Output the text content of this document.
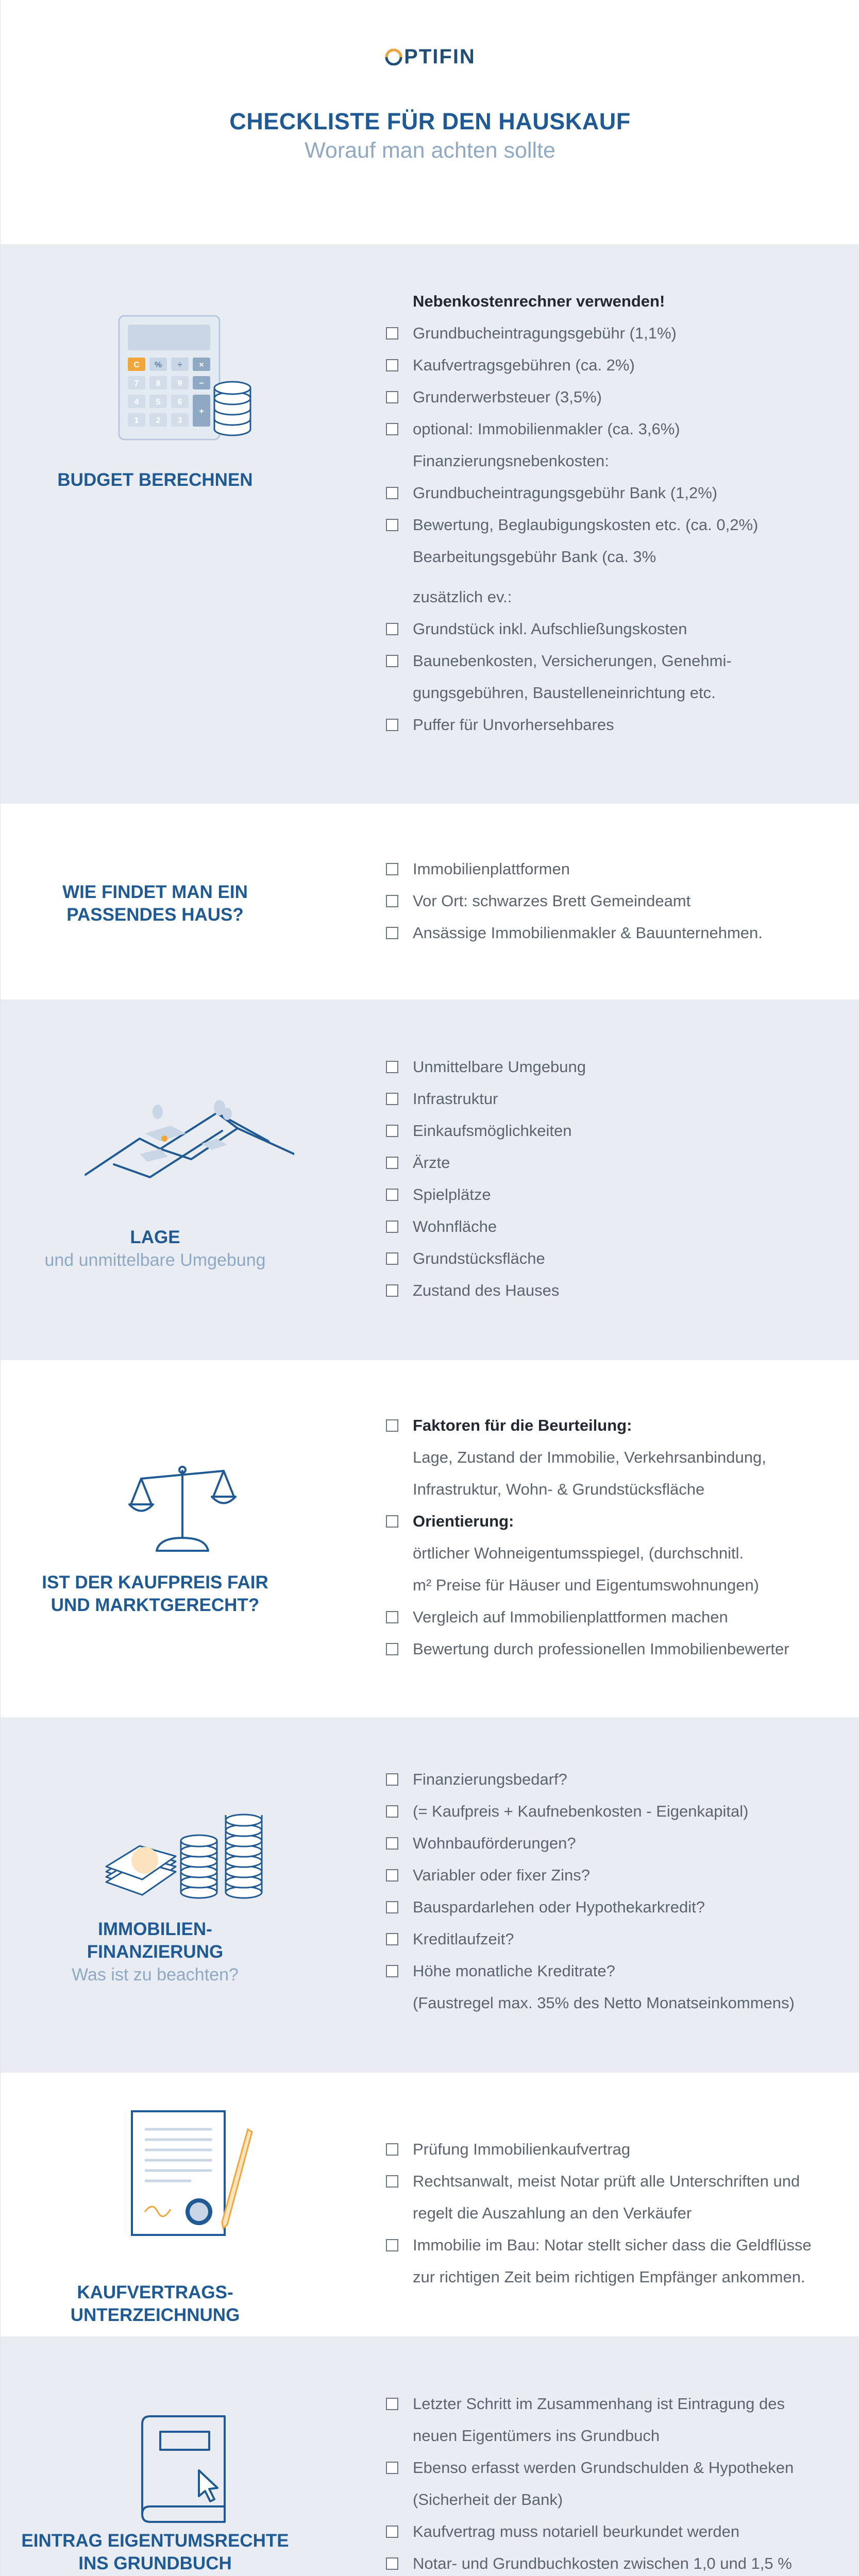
PTIFIN
CHECKLISTE FÜR DEN HAUSKAUF
Worauf man achten sollte
C % ÷ ×
7 8 9 −
4 5 6
+
1 2 3
BUDGET BERECHNEN
Nebenkostenrechner verwenden!
Grundbucheintragungsgebühr (1,1%)
Kaufvertragsgebühren (ca. 2%)
Grunderwerbsteuer (3,5%)
optional: Immobilienmakler (ca. 3,6%)
Finanzierungsnebenkosten:
Grundbucheintragungsgebühr Bank (1,2%)
Bewertung, Beglaubigungskosten etc. (ca. 0,2%)
Bearbeitungsgebühr Bank (ca. 3%
zusätzlich ev.:
Grundstück inkl. Aufschließungskosten
Baunebenkosten, Versicherungen, Genehmi-
gungsgebühren, Baustelleneinrichtung etc.
Puffer für Unvorhersehbares
WIE FINDET MAN EIN
PASSENDES HAUS?
Immobilienplattformen
Vor Ort: schwarzes Brett Gemeindeamt
Ansässige Immobilienmakler & Bauunternehmen.
LAGE
und unmittelbare Umgebung
Unmittelbare Umgebung
Infrastruktur
Einkaufsmöglichkeiten
Ärzte
Spielplätze
Wohnfläche
Grundstücksfläche
Zustand des Hauses
IST DER KAUFPREIS FAIR
UND MARKTGERECHT?
Faktoren für die Beurteilung:
Lage, Zustand der Immobilie, Verkehrsanbindung,
Infrastruktur, Wohn- & Grundstücksfläche
Orientierung:
örtlicher Wohneigentumsspiegel, (durchschnitl.
m² Preise für Häuser und Eigentumswohnungen)
Vergleich auf Immobilienplattformen machen
Bewertung durch professionellen Immobilienbewerter
IMMOBILIEN-
FINANZIERUNG
Was ist zu beachten?
Finanzierungsbedarf?
(= Kaufpreis + Kaufnebenkosten - Eigenkapital)
Wohnbauförderungen?
Variabler oder fixer Zins?
Bauspardarlehen oder Hypothekarkredit?
Kreditlaufzeit?
Höhe monatliche Kreditrate?
(Faustregel max. 35% des Netto Monatseinkommens)
KAUFVERTRAGS-
UNTERZEICHNUNG
Prüfung Immobilienkaufvertrag
Rechtsanwalt, meist Notar prüft alle Unterschriften und
regelt die Auszahlung an den Verkäufer
Immobilie im Bau: Notar stellt sicher dass die Geldflüsse
zur richtigen Zeit beim richtigen Empfänger ankommen.
EINTRAG EIGENTUMSRECHTE
INS GRUNDBUCH
Letzter Schritt im Zusammenhang ist Eintragung des
neuen Eigentümers ins Grundbuch
Ebenso erfasst werden Grundschulden & Hypotheken
(Sicherheit der Bank)
Kaufvertrag muss notariell beurkundet werden
Notar- und Grundbuchkosten zwischen 1,0 und 1,5 %
